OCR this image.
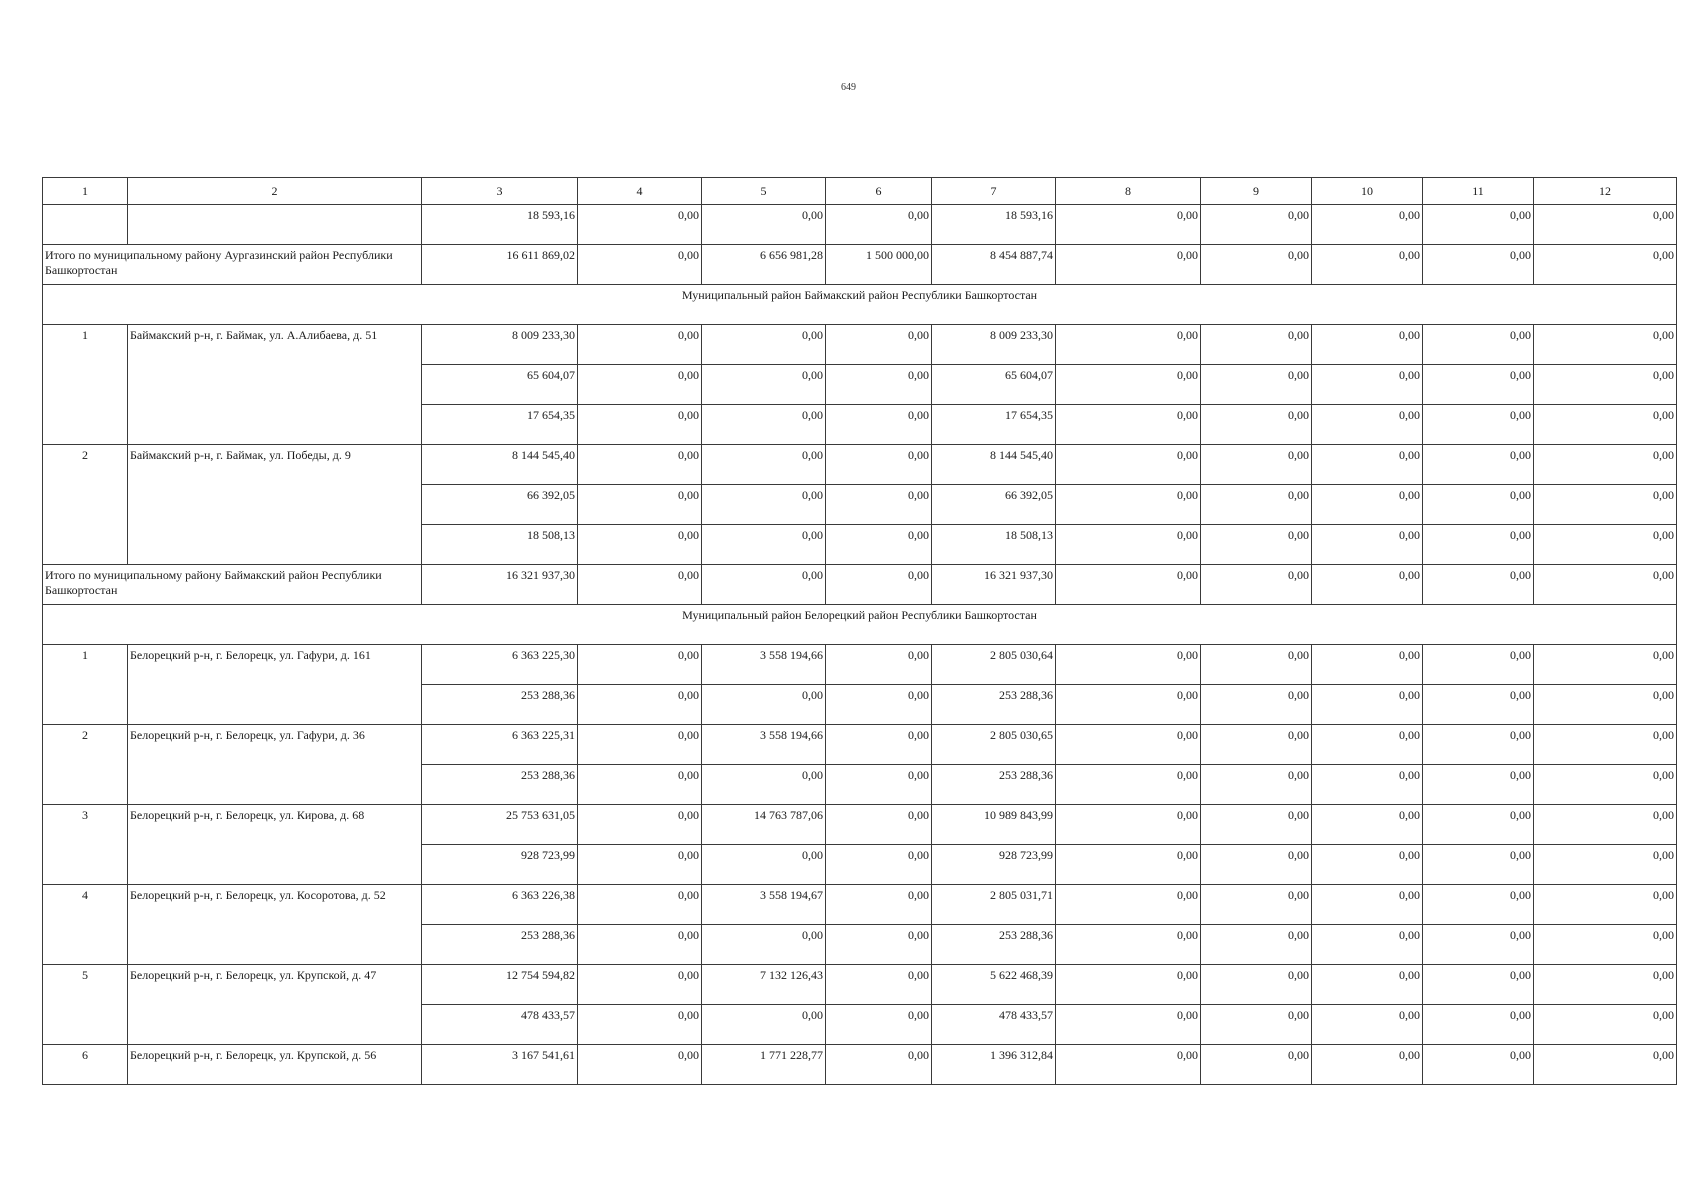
649
1	2	3	4	5	6	7	8	9	10	11	12
		18 593,16	0,00	0,00	0,00	18 593,16	0,00	0,00	0,00	0,00	0,00
Итого по муниципальному району Аургазинский район Республики Башкортостан		16 611 869,02	0,00	6 656 981,28	1 500 000,00	8 454 887,74	0,00	0,00	0,00	0,00	0,00
Муниципальный район Баймакский район Республики Башкортостан											
1	Баймакский р-н, г. Баймак, ул. А.Алибаева, д. 51	8 009 233,30	0,00	0,00	0,00	8 009 233,30	0,00	0,00	0,00	0,00	0,00
		65 604,07	0,00	0,00	0,00	65 604,07	0,00	0,00	0,00	0,00	0,00
		17 654,35	0,00	0,00	0,00	17 654,35	0,00	0,00	0,00	0,00	0,00
2	Баймакский р-н, г. Баймак, ул. Победы, д. 9	8 144 545,40	0,00	0,00	0,00	8 144 545,40	0,00	0,00	0,00	0,00	0,00
		66 392,05	0,00	0,00	0,00	66 392,05	0,00	0,00	0,00	0,00	0,00
		18 508,13	0,00	0,00	0,00	18 508,13	0,00	0,00	0,00	0,00	0,00
Итого по муниципальному району Баймакский район Республики Башкортостан		16 321 937,30	0,00	0,00	0,00	16 321 937,30	0,00	0,00	0,00	0,00	0,00
Муниципальный район Белорецкий район Республики Башкортостан											
1	Белорецкий р-н, г. Белорецк, ул. Гафури, д. 161	6 363 225,30	0,00	3 558 194,66	0,00	2 805 030,64	0,00	0,00	0,00	0,00	0,00
		253 288,36	0,00	0,00	0,00	253 288,36	0,00	0,00	0,00	0,00	0,00
2	Белорецкий р-н, г. Белорецк, ул. Гафури, д. 36	6 363 225,31	0,00	3 558 194,66	0,00	2 805 030,65	0,00	0,00	0,00	0,00	0,00
		253 288,36	0,00	0,00	0,00	253 288,36	0,00	0,00	0,00	0,00	0,00
3	Белорецкий р-н, г. Белорецк, ул. Кирова, д. 68	25 753 631,05	0,00	14 763 787,06	0,00	10 989 843,99	0,00	0,00	0,00	0,00	0,00
		928 723,99	0,00	0,00	0,00	928 723,99	0,00	0,00	0,00	0,00	0,00
4	Белорецкий р-н, г. Белорецк, ул. Косоротова, д. 52	6 363 226,38	0,00	3 558 194,67	0,00	2 805 031,71	0,00	0,00	0,00	0,00	0,00
		253 288,36	0,00	0,00	0,00	253 288,36	0,00	0,00	0,00	0,00	0,00
5	Белорецкий р-н, г. Белорецк, ул. Крупской, д. 47	12 754 594,82	0,00	7 132 126,43	0,00	5 622 468,39	0,00	0,00	0,00	0,00	0,00
		478 433,57	0,00	0,00	0,00	478 433,57	0,00	0,00	0,00	0,00	0,00
6	Белорецкий р-н, г. Белорецк, ул. Крупской, д. 56	3 167 541,61	0,00	1 771 228,77	0,00	1 396 312,84	0,00	0,00	0,00	0,00	0,00
